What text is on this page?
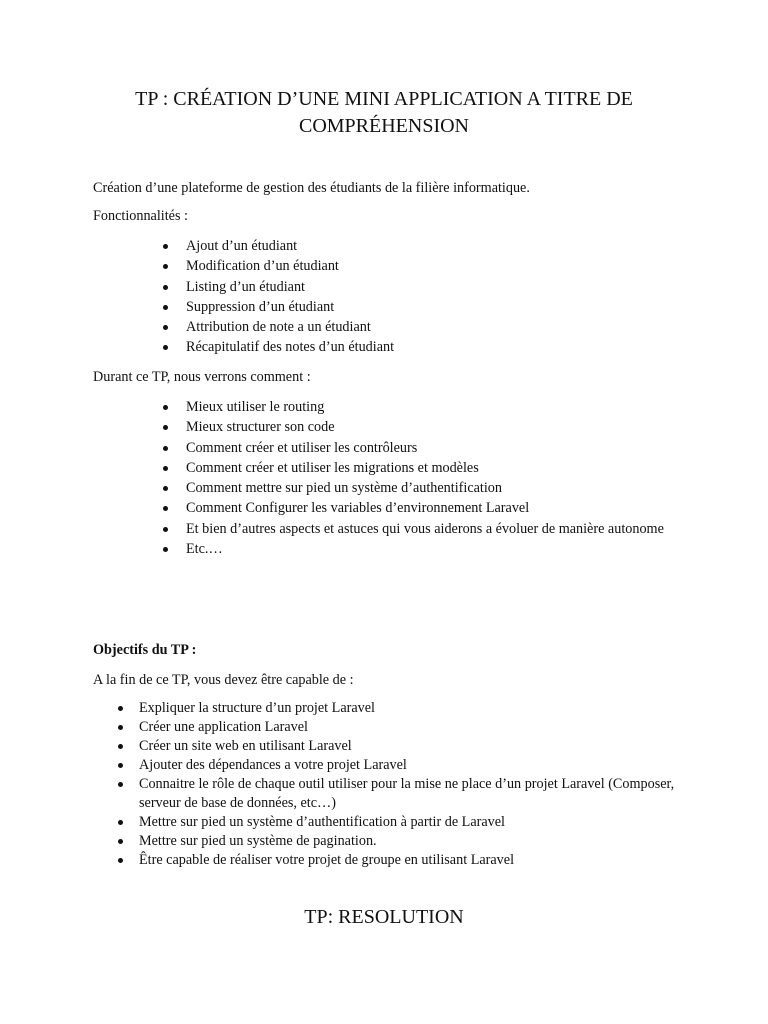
TP : CRÉATION D’UNE MINI APPLICATION A TITRE DE COMPRÉHENSION

Création d’une plateforme de gestion des étudiants de la filière informatique.

Fonctionnalités :

Ajout d’un étudiant
Modification d’un étudiant
Listing d’un étudiant
Suppression d’un étudiant
Attribution de note a un étudiant
Récapitulatif des notes d’un étudiant

Durant ce TP, nous verrons comment :

Mieux utiliser le routing
Mieux structurer son code
Comment créer et utiliser les contrôleurs
Comment créer et utiliser les migrations et modèles
Comment mettre sur pied un système d’authentification
Comment Configurer les variables d’environnement Laravel
Et bien d’autres aspects et astuces qui vous aiderons a évoluer de manière autonome
Etc.…

Objectifs du TP :

A la fin de ce TP, vous devez être capable de :

Expliquer la structure d’un projet Laravel
Créer une application Laravel
Créer un site web en utilisant Laravel
Ajouter des dépendances a votre projet Laravel
Connaitre le rôle de chaque outil utiliser pour la mise ne place d’un projet Laravel (Composer, serveur de base de données, etc…)
Mettre sur pied un système d’authentification à partir de Laravel
Mettre sur pied un système de pagination.
Être capable de réaliser votre projet de groupe en utilisant Laravel
TP: RESOLUTION
